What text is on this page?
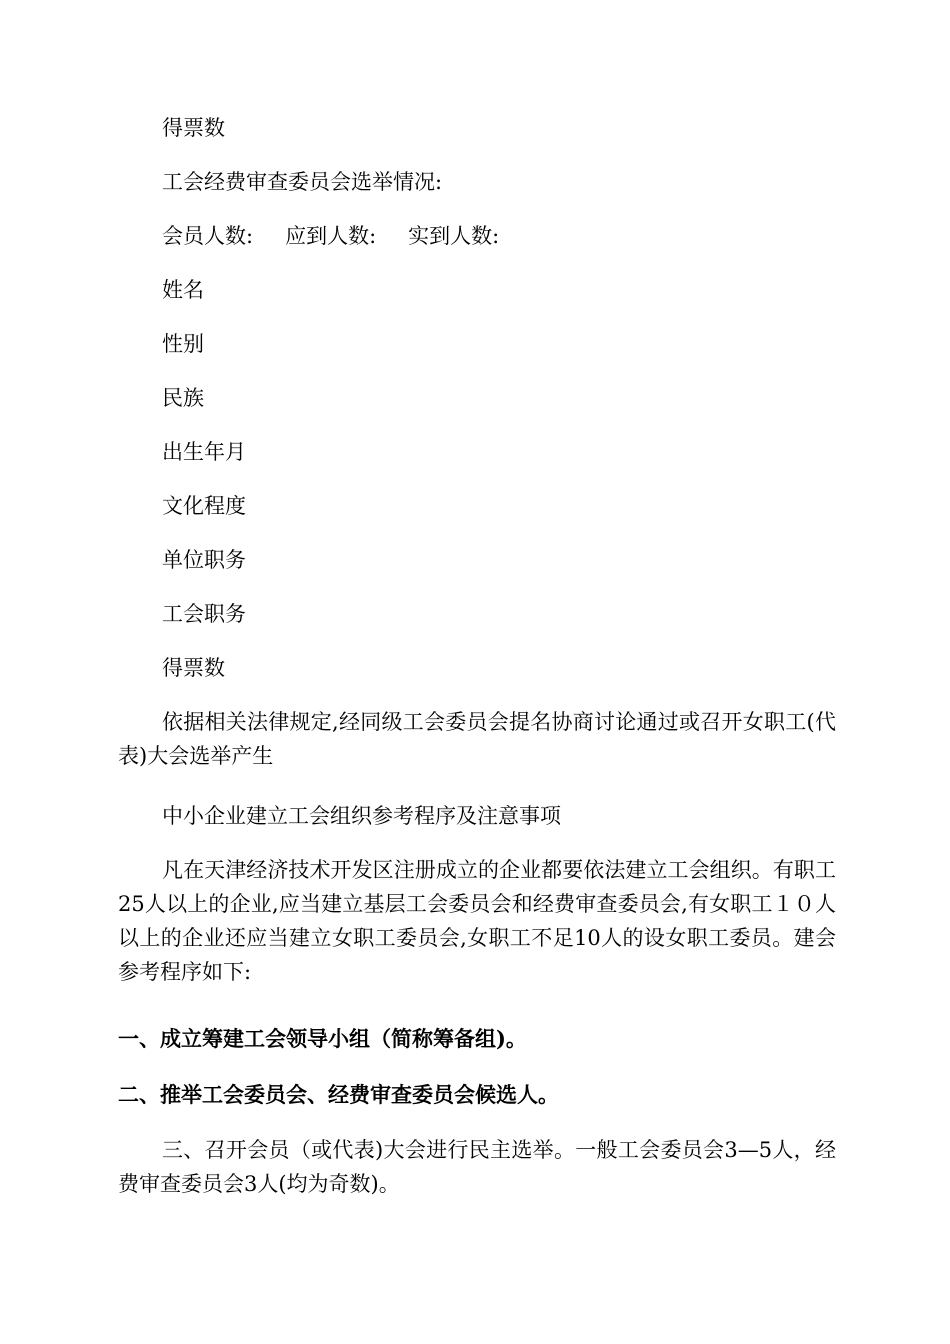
得票数

工会经费审查委员会选举情况:

会员人数: 应到人数: 实到人数:

姓名

性别

民族

出生年月

文化程度

单位职务

工会职务

得票数

依据相关法律规定,经同级工会委员会提名协商讨论通过或召开女职工(代表)大会选举产生

中小企业建立工会组织参考程序及注意事项

凡在天津经济技术开发区注册成立的企业都要依法建立工会组织。有职工25人以上的企业,应当建立基层工会委员会和经费审查委员会,有女职工１０人以上的企业还应当建立女职工委员会,女职工不足10人的设女职工委员。建会参考程序如下:

一、成立筹建工会领导小组（简称筹备组)。

二、推举工会委员会、经费审查委员会候选人。

三、召开会员（或代表)大会进行民主选举。一般工会委员会3—5人，经费审查委员会3人(均为奇数)。
